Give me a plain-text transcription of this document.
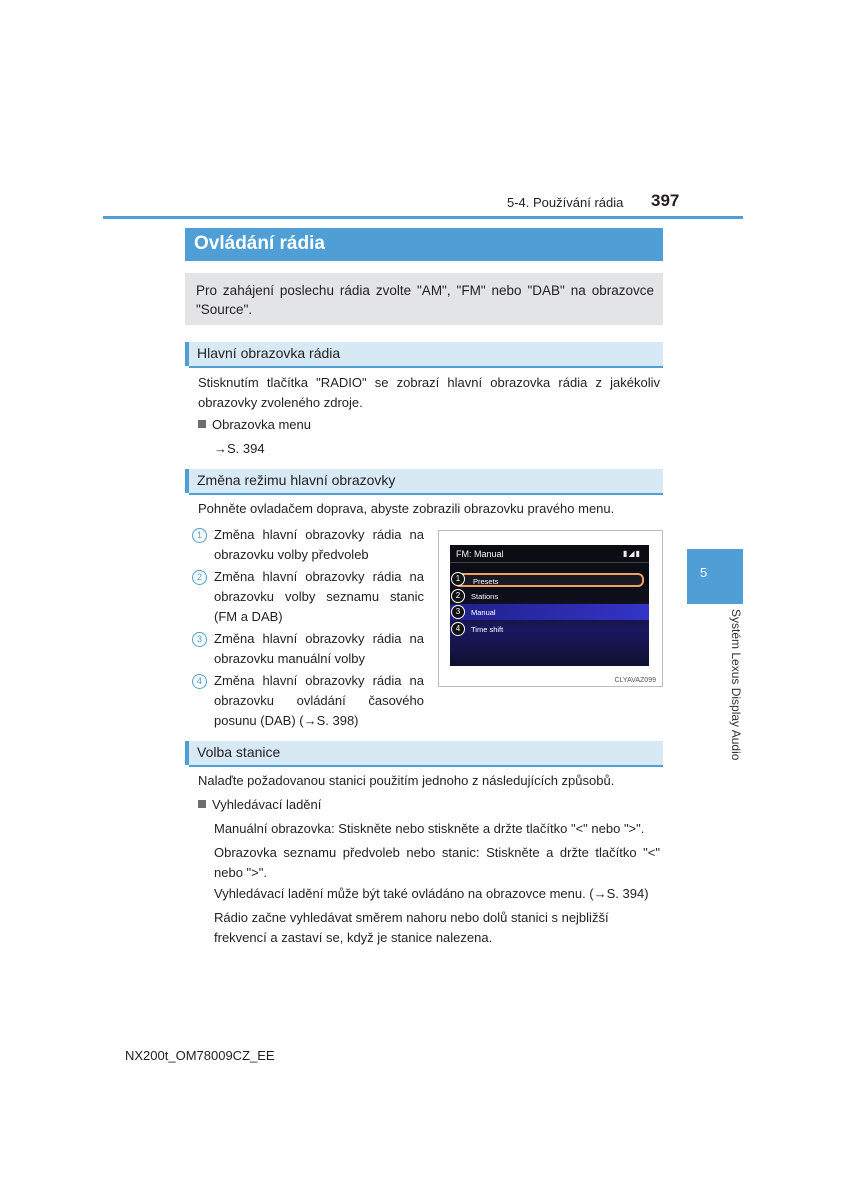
5-4. Používání rádia 397
Ovládání rádia

Pro zahájení poslechu rádia zvolte "AM", "FM" nebo "DAB" na obrazovce "Source".

Hlavní obrazovka rádia
Stisknutím tlačítka "RADIO" se zobrazí hlavní obrazovka rádia z jakékoliv obrazovky zvoleného zdroje.
Obrazovka menu
→S. 394
Změna režimu hlavní obrazovky
Pohněte ovladačem doprava, abyste zobrazili obrazovku pravého menu.
1 Změna hlavní obrazovky rádia na obrazovku volby předvoleb
2 Změna hlavní obrazovky rádia na obrazovku volby seznamu stanic (FM a DAB)
3 Změna hlavní obrazovky rádia na obrazovku manuální volby
4 Změna hlavní obrazovky rádia na obrazovku ovládání časového posunu (DAB) (→S. 398)
FM: Manual	▮◢▮
1	Presets
2	Stations
3	Manual
4	Time shift
CLYAVAZ099
Volba stanice
Nalaďte požadovanou stanici použitím jednoho z následujících způsobů.
Vyhledávací ladění
Manuální obrazovka: Stiskněte nebo stiskněte a držte tlačítko "<" nebo ">".
Obrazovka seznamu předvoleb nebo stanic: Stiskněte a držte tlačítko "<" nebo ">".
Vyhledávací ladění může být také ovládáno na obrazovce menu. (→S. 394)
Rádio začne vyhledávat směrem nahoru nebo dolů stanici s nejbližší frekvencí a zastaví se, když je stanice nalezena.
5
Systém Lexus Display Audio
NX200t_OM78009CZ_EE
